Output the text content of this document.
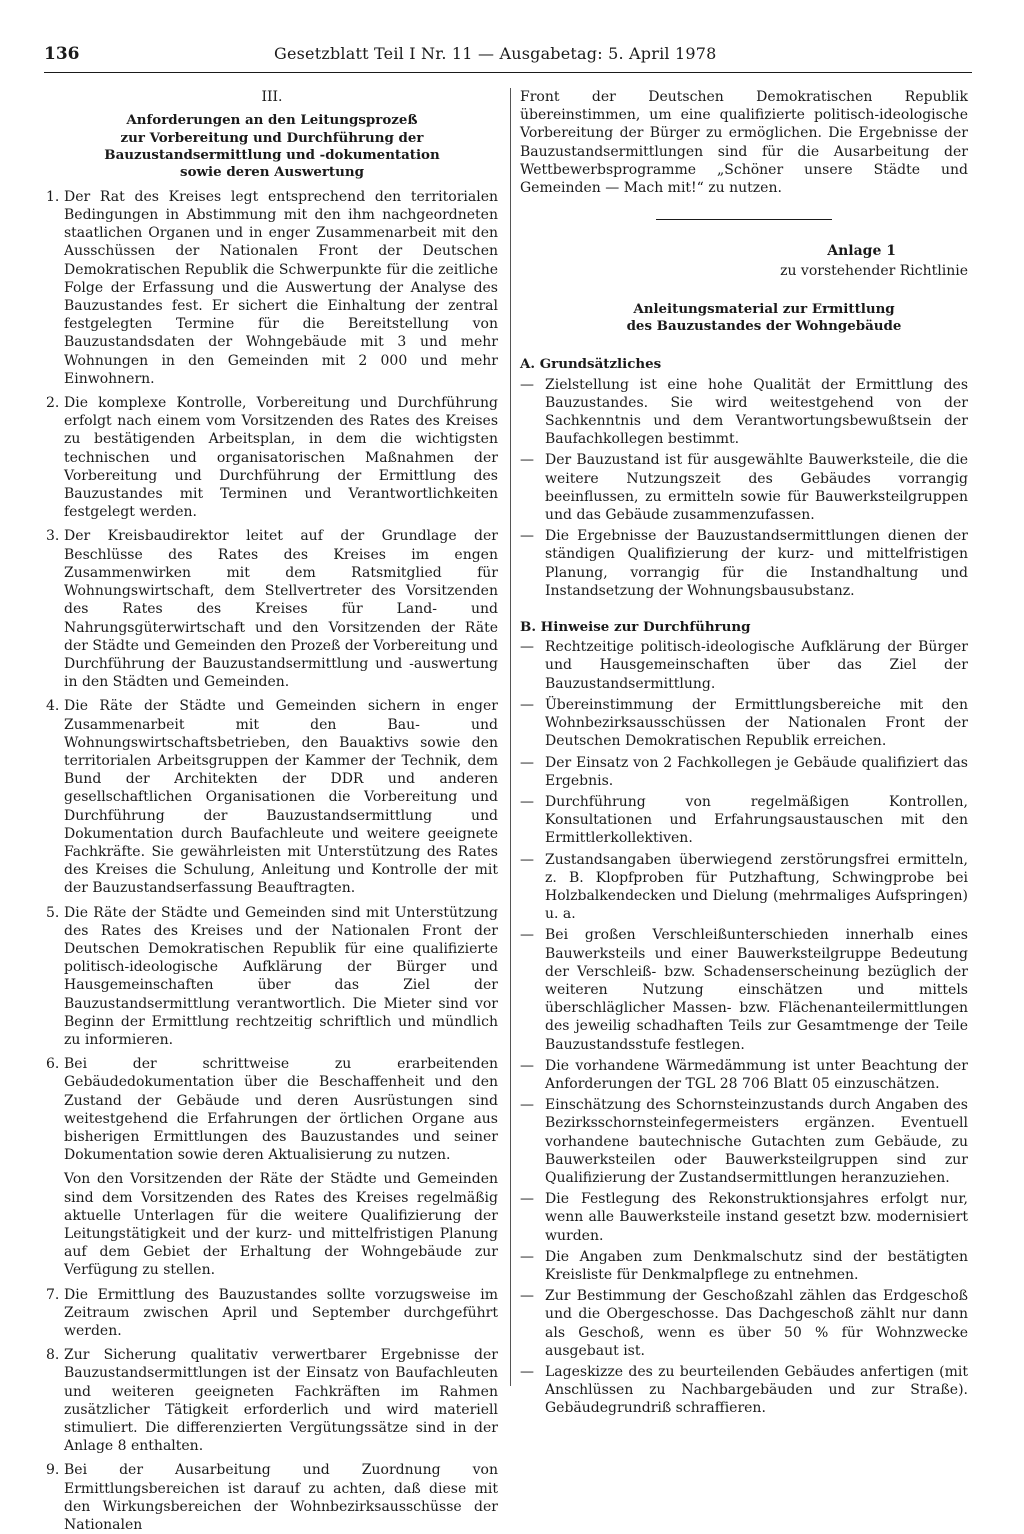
136	Gesetzblatt Teil I Nr. 11 — Ausgabetag: 5. April 1978
III.
Anforderungen an den Leitungsprozeß
zur Vorbereitung und Durchführung der
Bauzustandsermittlung und -dokumentation
sowie deren Auswertung
1. Der Rat des Kreises legt entsprechend den territorialen Bedingungen in Abstimmung mit den ihm nachgeordneten staatlichen Organen und in enger Zusammenarbeit mit den Ausschüssen der Nationalen Front der Deutschen Demokratischen Republik die Schwerpunkte für die zeitliche Folge der Erfassung und die Auswertung der Analyse des Bauzustandes fest. Er sichert die Einhaltung der zentral festgelegten Termine für die Bereitstellung von Bauzustandsdaten der Wohngebäude mit 3 und mehr Wohnungen in den Gemeinden mit 2 000 und mehr Einwohnern.

2. Die komplexe Kontrolle, Vorbereitung und Durchführung erfolgt nach einem vom Vorsitzenden des Rates des Kreises zu bestätigenden Arbeitsplan, in dem die wichtigsten technischen und organisatorischen Maßnahmen der Vorbereitung und Durchführung der Ermittlung des Bauzustandes mit Terminen und Verantwortlichkeiten festgelegt werden.

3. Der Kreisbaudirektor leitet auf der Grundlage der Beschlüsse des Rates des Kreises im engen Zusammenwirken mit dem Ratsmitglied für Wohnungswirtschaft, dem Stellvertreter des Vorsitzenden des Rates des Kreises für Land- und Nahrungsgüterwirtschaft und den Vorsitzenden der Räte der Städte und Gemeinden den Prozeß der Vorbereitung und Durchführung der Bauzustandsermittlung und -auswertung in den Städten und Gemeinden.

4. Die Räte der Städte und Gemeinden sichern in enger Zusammenarbeit mit den Bau- und Wohnungswirtschaftsbetrieben, den Bauaktivs sowie den territorialen Arbeitsgruppen der Kammer der Technik, dem Bund der Architekten der DDR und anderen gesellschaftlichen Organisationen die Vorbereitung und Durchführung der Bauzustandsermittlung und Dokumentation durch Baufachleute und weitere geeignete Fachkräfte. Sie gewährleisten mit Unterstützung des Rates des Kreises die Schulung, Anleitung und Kontrolle der mit der Bauzustandserfassung Beauftragten.

5. Die Räte der Städte und Gemeinden sind mit Unterstützung des Rates des Kreises und der Nationalen Front der Deutschen Demokratischen Republik für eine qualifizierte politisch-ideologische Aufklärung der Bürger und Hausgemeinschaften über das Ziel der Bauzustandsermittlung verantwortlich. Die Mieter sind vor Beginn der Ermittlung rechtzeitig schriftlich und mündlich zu informieren.

6. Bei der schrittweise zu erarbeitenden Gebäudedokumentation über die Beschaffenheit und den Zustand der Gebäude und deren Ausrüstungen sind weitestgehend die Erfahrungen der örtlichen Organe aus bisherigen Ermittlungen des Bauzustandes und seiner Dokumentation sowie deren Aktualisierung zu nutzen.

Von den Vorsitzenden der Räte der Städte und Gemeinden sind dem Vorsitzenden des Rates des Kreises regelmäßig aktuelle Unterlagen für die weitere Qualifizierung der Leitungstätigkeit und der kurz- und mittelfristigen Planung auf dem Gebiet der Erhaltung der Wohngebäude zur Verfügung zu stellen.

7. Die Ermittlung des Bauzustandes sollte vorzugsweise im Zeitraum zwischen April und September durchgeführt werden.

8. Zur Sicherung qualitativ verwertbarer Ergebnisse der Bauzustandsermittlungen ist der Einsatz von Baufachleuten und weiteren geeigneten Fachkräften im Rahmen zusätzlicher Tätigkeit erforderlich und wird materiell stimuliert. Die differenzierten Vergütungssätze sind in der Anlage 8 enthalten.

9. Bei der Ausarbeitung und Zuordnung von Ermittlungsbereichen ist darauf zu achten, daß diese mit den Wirkungsbereichen der Wohnbezirksausschüsse der Nationalen

Front der Deutschen Demokratischen Republik übereinstimmen, um eine qualifizierte politisch-ideologische Vorbereitung der Bürger zu ermöglichen. Die Ergebnisse der Bauzustandsermittlungen sind für die Ausarbeitung der Wettbewerbsprogramme „Schöner unsere Städte und Gemeinden — Mach mit!“ zu nutzen.

Anlage 1

zu vorstehender Richtlinie

Anleitungsmaterial zur Ermittlung
des Bauzustandes der Wohngebäude
A. Grundsätzliches
— Zielstellung ist eine hohe Qualität der Ermittlung des Bauzustandes. Sie wird weitestgehend von der Sachkenntnis und dem Verantwortungsbewußtsein der Baufachkollegen bestimmt.
— Der Bauzustand ist für ausgewählte Bauwerksteile, die die weitere Nutzungszeit des Gebäudes vorrangig beeinflussen, zu ermitteln sowie für Bauwerksteilgruppen und das Gebäude zusammenzufassen.
— Die Ergebnisse der Bauzustandsermittlungen dienen der ständigen Qualifizierung der kurz- und mittelfristigen Planung, vorrangig für die Instandhaltung und Instandsetzung der Wohnungsbausubstanz.
B. Hinweise zur Durchführung
— Rechtzeitige politisch-ideologische Aufklärung der Bürger und Hausgemeinschaften über das Ziel der Bauzustandsermittlung.
— Übereinstimmung der Ermittlungsbereiche mit den Wohnbezirksausschüssen der Nationalen Front der Deutschen Demokratischen Republik erreichen.
— Der Einsatz von 2 Fachkollegen je Gebäude qualifiziert das Ergebnis.
— Durchführung von regelmäßigen Kontrollen, Konsultationen und Erfahrungsaustauschen mit den Ermittlerkollektiven.
— Zustandsangaben überwiegend zerstörungsfrei ermitteln, z. B. Klopfproben für Putzhaftung, Schwingprobe bei Holzbalkendecken und Dielung (mehrmaliges Aufspringen) u. a.
— Bei großen Verschleißunterschieden innerhalb eines Bauwerksteils und einer Bauwerksteilgruppe Bedeutung der Verschleiß- bzw. Schadenserscheinung bezüglich der weiteren Nutzung einschätzen und mittels überschläglicher Massen- bzw. Flächenanteilermittlungen des jeweilig schadhaften Teils zur Gesamtmenge der Teile Bauzustandsstufe festlegen.
— Die vorhandene Wärmedämmung ist unter Beachtung der Anforderungen der TGL 28 706 Blatt 05 einzuschätzen.
— Einschätzung des Schornsteinzustands durch Angaben des Bezirksschornsteinfegermeisters ergänzen. Eventuell vorhandene bautechnische Gutachten zum Gebäude, zu Bauwerksteilen oder Bauwerksteilgruppen sind zur Qualifizierung der Zustandsermittlungen heranzuziehen.
— Die Festlegung des Rekonstruktionsjahres erfolgt nur, wenn alle Bauwerksteile instand gesetzt bzw. modernisiert wurden.
— Die Angaben zum Denkmalschutz sind der bestätigten Kreisliste für Denkmalpflege zu entnehmen.
— Zur Bestimmung der Geschoßzahl zählen das Erdgeschoß und die Obergeschosse. Das Dachgeschoß zählt nur dann als Geschoß, wenn es über 50 % für Wohnzwecke ausgebaut ist.
— Lageskizze des zu beurteilenden Gebäudes anfertigen (mit Anschlüssen zu Nachbargebäuden und zur Straße). Gebäudegrundriß schraffieren.
